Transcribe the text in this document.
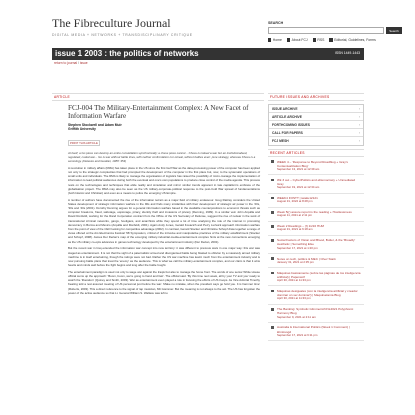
The Fibreculture Journal
DIGITAL MEDIA + NETWORKS + TRANSDISCIPLINARY CRITIQUE
SEARCH
Search
Home	About FCJ	RSS	Editorial, Guidelines, Forms
issue 1 2003 : the politics of networks	ISSN 1449-1443
return to journal / issue
ARTICLE
FCJ-004 The Military-Entertainment Complex: A New Facet of Information Warfare
Stephen Stockwell and Adam Muir
Griffith University
PRINT THIS ARTICLE
At itself, a Go piece can destroy an entire constellation synchronically; a chess piece cannot... Chess is indeed a war but an institutionalised, regulated, coded war... Go is war without battle lines, with neither confrontation nor retreat, without battles even: pure strategy, whereas Chess is a semiology. (Deleuze and Guattari, 1988: 353)

A revolution in military affairs (RMA) has taken place in the US since the first Gulf War as the data-processing power of the computer has been applied not only to the strategic complexities that had prompted the development of the computer in the first place but, now, to the systematic operations of small units and individuals. The RMA is likely to manage the organisation of logistics has raised the possibility of micro-manage the implementation of information to lead political audiences during both the eventual and one's own populations to produce close control of the media agenda. This process rests on the technologies and techniques that elide reality and simulation and mirror similar trends apparent in late capitalism's embrace of the globalisation project. The RMA may also be seen as the US military-corporate-political response to the post-Cold War spread of fundamentalisms (both Islamic and Christian) and even as a means to police the emerging US Empire.

A number of authors have documented the rise of the information terrain as a major field of military endeavour. Greg Rattray considers the United States development of strategic information warfare in the 90s and finds many similarities with their development of strategic air power in the '20s, '30s and '40s (2001). Dorothy Denning argues for a general information warfare based in the available counterpositions to economic threats such as computer break-ins, fraud, sabotage, espionage, piracy, identity theft and invasions of privacy (Denning, 1999). In a similar vein John Arquilla and David Ronfeldt, working for the Rand Corporation contract from the Office of the US Secretary of Defense, suggest the rise of netwar in the work of transnational criminal networks, gangs, hooligans, and anarchists while they spend a lot of time analysing the role of the internet in promoting democracy in Burma and Mexico (Arquilla and Ronfeldt, 2001). Again Andy Jones, Gerald Kovacich and Perry Luzwick approach information warfare from the point of view of the CEO looking for competitive advantage (2002). In contrast, Gerard Stocker and Christine Schopf draw together a range of views offered at the Ars Electronica Festival '98 Symposium, critical of the intrusive and manipulative practices of the military establishment (Stocker and Schopf, 1998). James Der Derian's map of the emerging military-industrial-media-entertainment complex hints at the new connections emerging as the US military co-opts advances in games technology developed by the entertainment industry (Der Derian, 2001).

But the recent war in Iraq extended the information war concept into new territory: it was different to previous wars in one major way: this war was staged as entertainment. It is not that the sight of a paternalistic armed and disorganised battle being blasted to oblivion by a massively armed military machine is in itself entertaining, though the ratings were not bad. Rather the US war machine has learnt much from the entertainment industry and is now pursuing battle plans that treat the 'enemy' as the audience. This is what we call the military-entertainment complex, and our claim is that it wins hearts and minds well before the fight begins and long after the battle fought.

The entertainment paradigm is used not only to wage war against the Iraqis but also to manage the home front. The words of one senior White House official sums up the approach: 'Boom, boom, we're going to hand and fast'. The official said. 'By this time next week, all by your TV and you' ready to watch the 'liberation' (Quiney and Smith, 2003). War as entertainment even played a role in focusing the efforts of US troops. As Vice Admiral Timothy Keating told a rest assured meeting of US personnel just before the war: 'Make no mistake, when the president says go hold you. It is hammer time' (Roberts, 2003). This a direct reference to the signal of rap musician, MC Hammer. But the meaning is not always to the act. The US has forgotten the power of the active audience so that Lt. General William S. Wallace was left to

FUTURE ISSUES AND ARCHIVES
ISSUE ARCHIVE	›
ARTICLE ARCHIVE	›
FORTHCOMING ISSUES	›
CALL FOR PAPERS	›
FCJ MESH	›
RECENT ARTICLES
WEEK 4 – 'Response to Beyond Roadblog + Gray's Contextualization Blog'
September 13, 2021 at 12:39 am
Wk 3 out – CyberPolitics and eDemocracy + Unmediated Gray
September 19, 2021 at 12:34 am
WEEK4 FOSTT | iwaku12121
August 31, 2022 at 8:28 pm
Week 5(r) assure report is the reading + Hostlessmess
August 11, 2021 at 2:11 pm
Week 2 Readings – (f) 11/16 HUM
August 31, 2021 at 6:18 am
Social Factors of Vision and Blood, Butler, & the 'Broadly' Aesthetic | Something Else
September 17, 2021 at 1:20 pm
Notes on tech, politics & MEC | Chez Stark
January 31, 2021 at 2:35 pm
Máquinas basicamente (sobre las páginas de los inteligencia artificial) | Paperwolf
April 30, 2021 at 11:33 pm
Máquinas desiguales (con la inteligencia artificial y creador dominar un ser dominar!) | Maquinatomia Blog
April 30, 2021 at 11:33 pm
The Banking: Symbolic Glimmeric/CNL2021 Polyphonic Harmony Blog
September 9, 2021 at 2:11 am
Australia & International Politics (Week 1 Comment) | kitmiresgd
September 17, 2021 at 6:11 pm
